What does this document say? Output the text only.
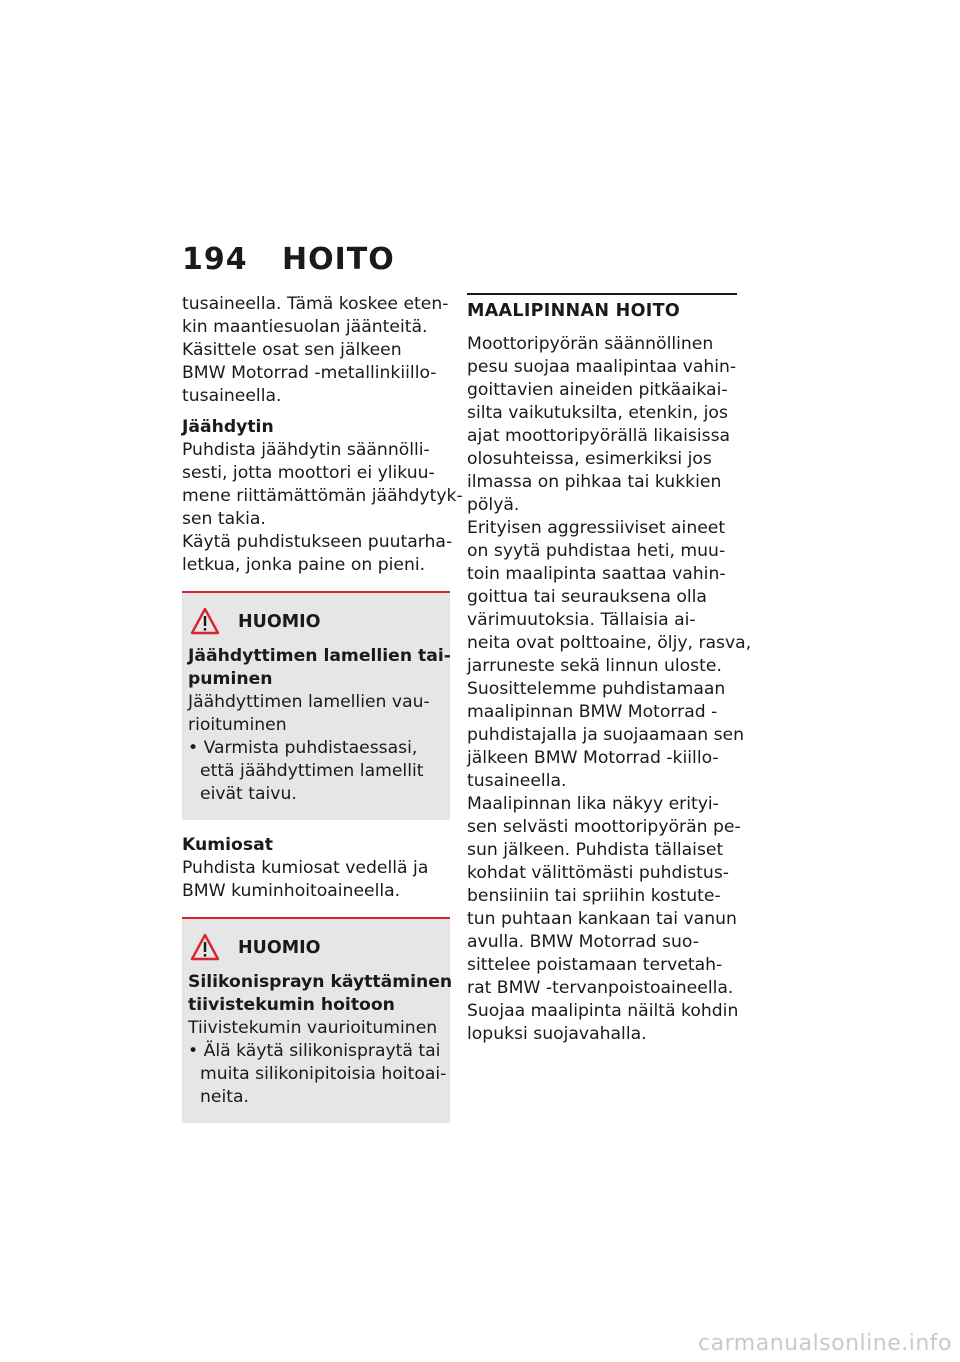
194 HOITO
tusaineella. Tämä koskee eten-
kin maantiesuolan jäänteitä.
Käsittele osat sen jälkeen
BMW Motorrad -metallinkiillo-
tusaineella.
Jäähdytin
Puhdista jäähdytin säännölli-
sesti, jotta moottori ei ylikuu-
mene riittämättömän jäähdytyk-
sen takia.
Käytä puhdistukseen puutarha-
letkua, jonka paine on pieni.
HUOMIO
Jäähdyttimen lamellien tai-
puminen
Jäähdyttimen lamellien vau-
rioituminen
• Varmista puhdistaessasi,
että jäähdyttimen lamellit
eivät taivu.
Kumiosat
Puhdista kumiosat vedellä ja
BMW kuminhoitoaineella.
HUOMIO
Silikonisprayn käyttäminen
tiivistekumin hoitoon
Tiivistekumin vaurioituminen
• Älä käytä silikonispraytä tai
muita silikonipitoisia hoitoai-
neita.
MAALIPINNAN HOITO
Moottoripyörän säännöllinen
pesu suojaa maalipintaa vahin-
goittavien aineiden pitkäaikai-
silta vaikutuksilta, etenkin, jos
ajat moottoripyörällä likaisissa
olosuhteissa, esimerkiksi jos
ilmassa on pihkaa tai kukkien
pölyä.
Erityisen aggressiiviset aineet
on syytä puhdistaa heti, muu-
toin maalipinta saattaa vahin-
goittua tai seurauksena olla
värimuutoksia. Tällaisia ai-
neita ovat polttoaine, öljy, rasva,
jarruneste sekä linnun uloste.
Suosittelemme puhdistamaan
maalipinnan BMW Motorrad -
puhdistajalla ja suojaamaan sen
jälkeen BMW Motorrad -kiillo-
tusaineella.
Maalipinnan lika näkyy erityi-
sen selvästi moottoripyörän pe-
sun jälkeen. Puhdista tällaiset
kohdat välittömästi puhdistus-
bensiiniin tai spriihin kostute-
tun puhtaan kankaan tai vanun
avulla. BMW Motorrad suo-
sittelee poistamaan tervetah-
rat BMW -tervanpoistoaineella.
Suojaa maalipinta näiltä kohdin
lopuksi suojavahalla.
carmanualsonline.info
